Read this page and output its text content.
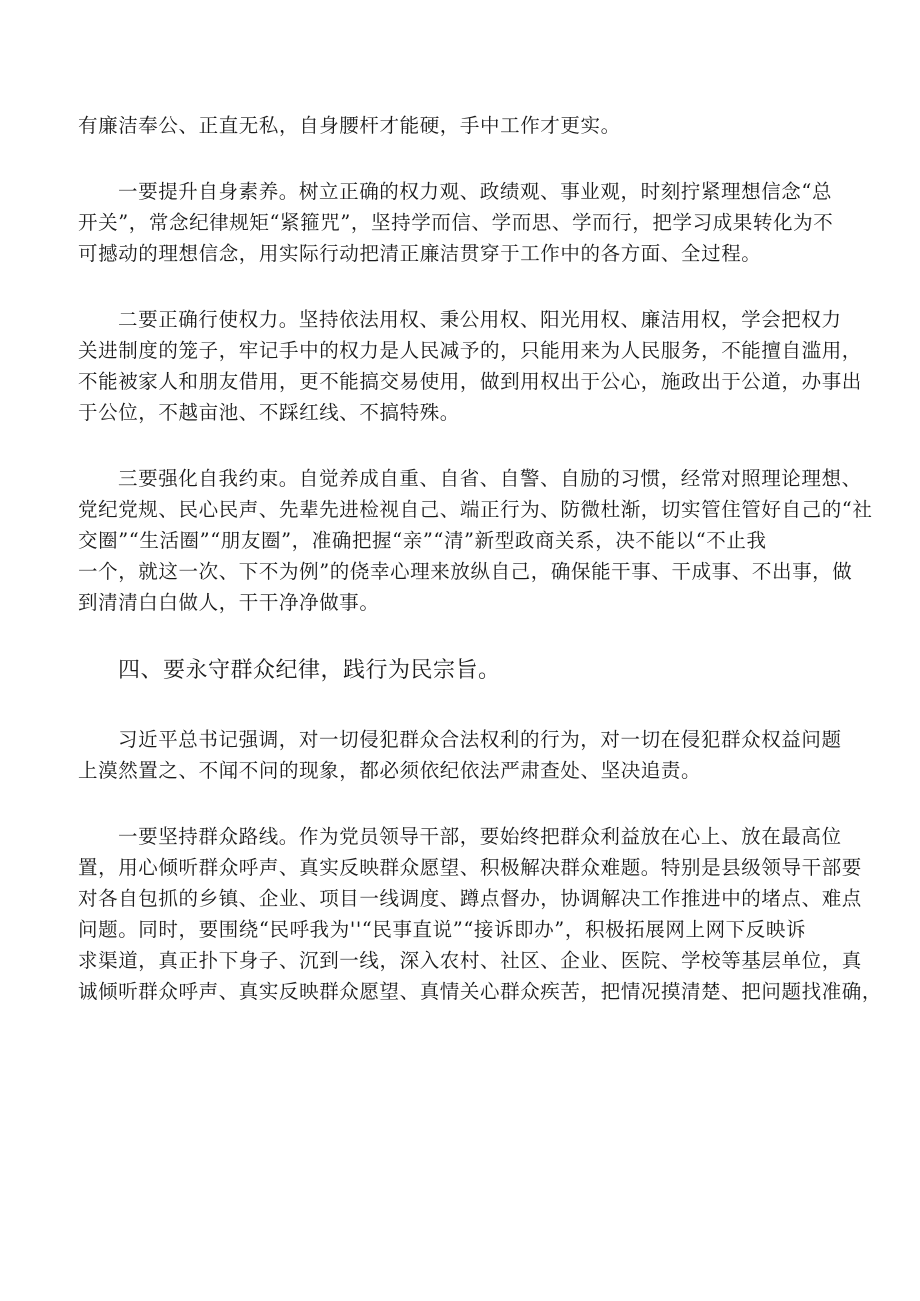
有廉洁奉公、正直无私，自身腰杆才能硬，手中工作才更实。
一要提升自身素养。树立正确的权力观、政绩观、事业观，时刻拧紧理想信念“总
开关”，常念纪律规矩“紧箍咒”，坚持学而信、学而思、学而行，把学习成果转化为不
可撼动的理想信念，用实际行动把清正廉洁贯穿于工作中的各方面、全过程。
二要正确行使权力。坚持依法用权、秉公用权、阳光用权、廉洁用权，学会把权力
关进制度的笼子，牢记手中的权力是人民减予的，只能用来为人民服务，不能擅自滥用，
不能被家人和朋友借用，更不能搞交易使用，做到用权出于公心，施政出于公道，办事出
于公位，不越亩池、不踩红线、不搞特殊。
三要强化自我约束。自觉养成自重、自省、自警、自励的习惯，经常对照理论理想、
党纪党规、民心民声、先辈先进检视自己、端正行为、防微杜渐，切实管住管好自己的“社
交圈”“生活圈”“朋友圈”，准确把握“亲”“清”新型政商关系，决不能以“不止我
一个，就这一次、下不为例”的侥幸心理来放纵自己，确保能干事、干成事、不出事，做
到清清白白做人，干干净净做事。
四、要永守群众纪律，践行为民宗旨。
习近平总书记强调，对一切侵犯群众合法权利的行为，对一切在侵犯群众权益问题
上漠然置之、不闻不问的现象，都必须依纪依法严肃查处、坚决追责。
一要坚持群众路线。作为党员领导干部，要始终把群众利益放在心上、放在最高位
置，用心倾听群众呼声、真实反映群众愿望、积极解决群众难题。特别是县级领导干部要
对各自包抓的乡镇、企业、项目一线调度、蹲点督办，协调解决工作推进中的堵点、难点
问题。同时，要围绕“民呼我为''“民事直说”“接诉即办”，积极拓展网上网下反映诉
求渠道，真正扑下身子、沉到一线，深入农村、社区、企业、医院、学校等基层单位，真
诚倾听群众呼声、真实反映群众愿望、真情关心群众疾苦，把情况摸清楚、把问题找准确，
